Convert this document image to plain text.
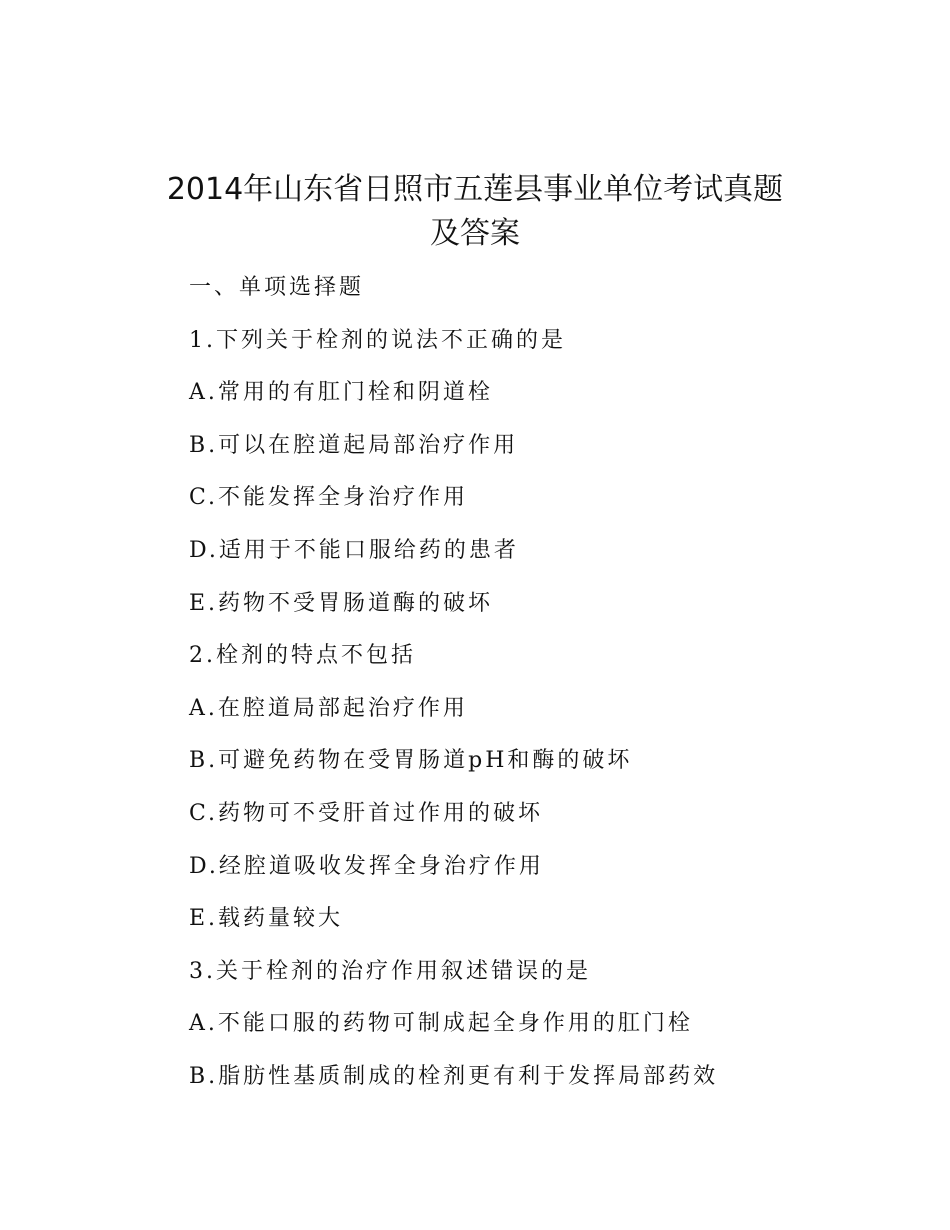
2014年山东省日照市五莲县事业单位考试真题
及答案
一、单项选择题
1.下列关于栓剂的说法不正确的是
A.常用的有肛门栓和阴道栓
B.可以在腔道起局部治疗作用
C.不能发挥全身治疗作用
D.适用于不能口服给药的患者
E.药物不受胃肠道酶的破坏
2.栓剂的特点不包括
A.在腔道局部起治疗作用
B.可避免药物在受胃肠道pH和酶的破坏
C.药物可不受肝首过作用的破坏
D.经腔道吸收发挥全身治疗作用
E.载药量较大
3.关于栓剂的治疗作用叙述错误的是
A.不能口服的药物可制成起全身作用的肛门栓
B.脂肪性基质制成的栓剂更有利于发挥局部药效
